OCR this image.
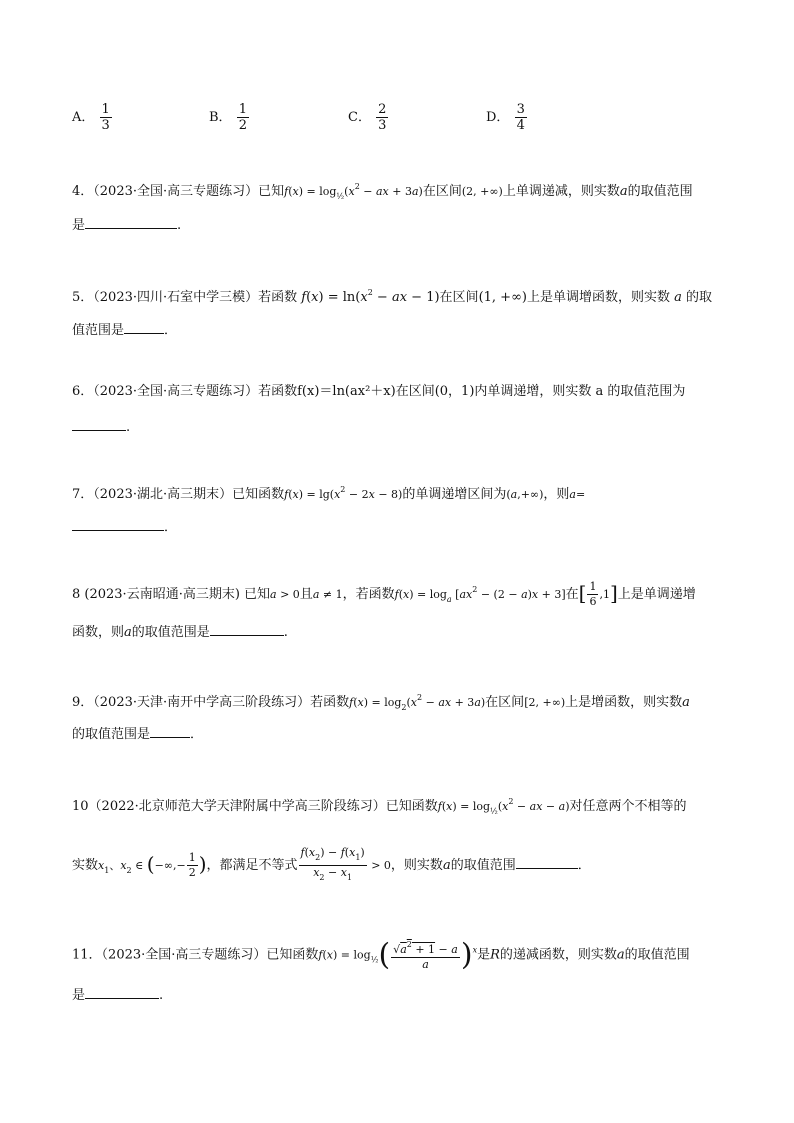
A． $\frac{1}{3}$	B． $\frac{1}{2}$	C． $\frac{2}{3}$	D． $\frac{3}{4}$
4．（2023·全国·高三专题练习）已知$f(x) = \log_{\frac{1}{2}}(x^2$ − ax + 3a)在区间(2, +∞)上单调递减，则实数a的取值范围
是	.
5．（2023·四川·石室中学三模）若函数 $f(x) = \ln(x^2$ − ax − 1)在区间(1, +∞)上是单调增函数，则实数 a 的取
值范围是	．
6．（2023·全国·高三专题练习）若函数f(x)＝ln(ax²＋x)在区间(0，1)内单调递增，则实数 a 的取值范围为
.
7．（2023·湖北·高三期末）已知函数$f(x) = \lg(x^2 - 2x - 8)$的单调递增区间为(a,+∞)，则a=
．
8 (2023·云南昭通·高三期末) 已知a > 0且a ≠ 1，若函数$f(x) = \log_a [ax^2 - (2 - a)x + 3]$在[ $\frac{1}{6} ,1$]上是单调递增
函数，则a的取值范围是	.
9．（2023·天津·南开中学高三阶段练习）若函数$f(x) = \log_2(x^2$ − ax + 3a)在区间[2, +∞)上是增函数，则实数a
的取值范围是	．
10（2022·北京师范大学天津附属中学高三阶段练习）已知函数$f(x) = \log_{\frac{1}{2}}(x^2$ − ax − a)对任意两个不相等的
实数$x_1$、$x_2$ ∈ (−∞,− $\frac{1}{2}$ )，都满足不等式 $\frac{f(x_2) - f(x_1)}{x_2 - x_1} > 0$，则实数a的取值范围	．
11．（2023·全国·高三专题练习）已知函数$f(x) = \log_{\frac{1}{2}}( \frac{√a^2 + 1 - a}{a} )^x$是R的递减函数，则实数a的取值范围
是	.
